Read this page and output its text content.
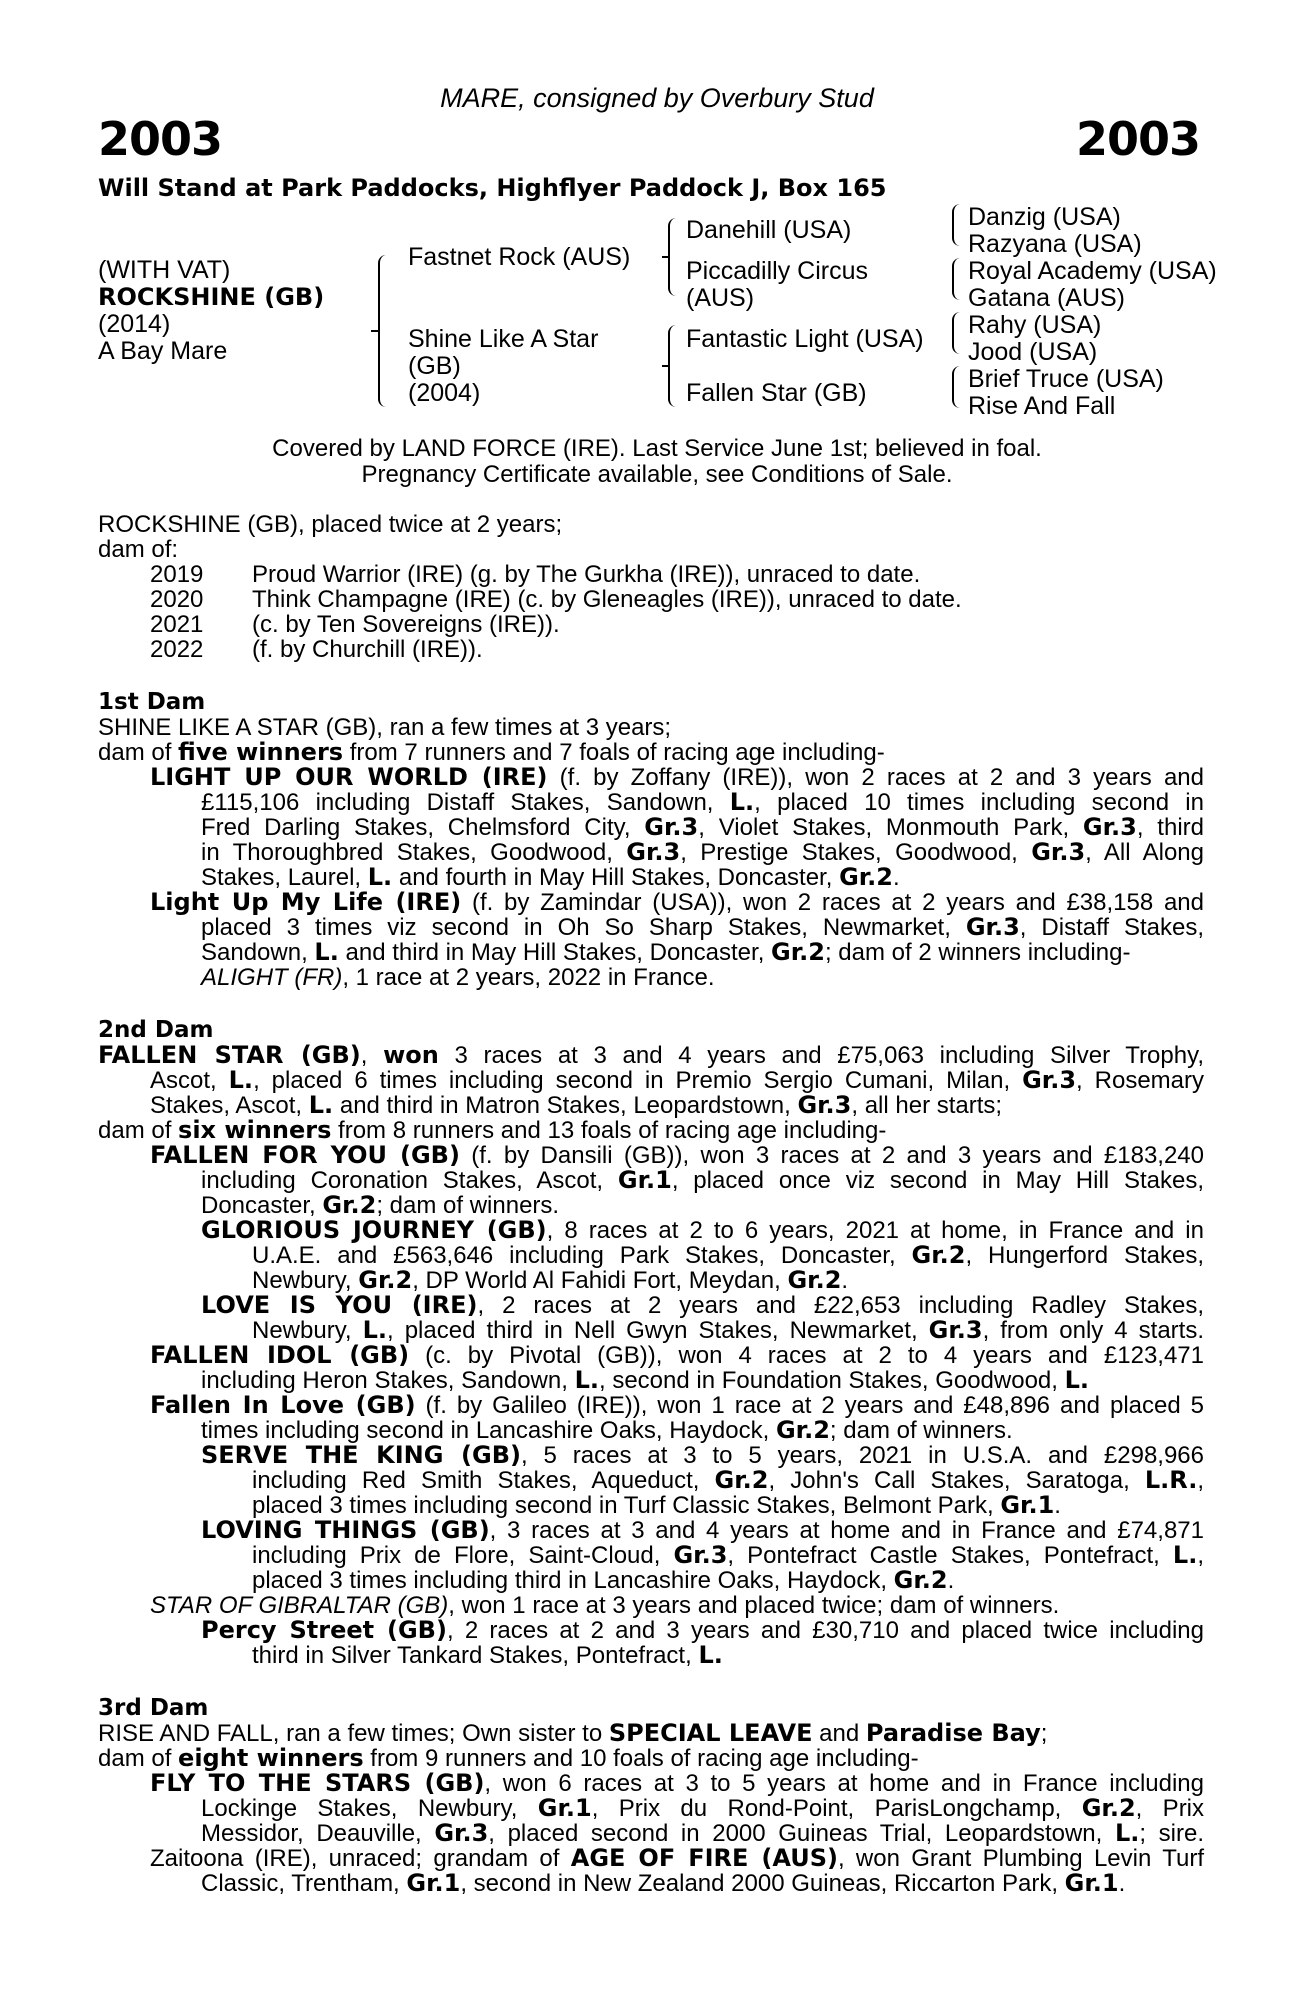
MARE, consigned by Overbury Stud
2003	2003
Will Stand at Park Paddocks, Highflyer Paddock J, Box 165
(WITH VAT)
ROCKSHINE (GB)
(2014)
A Bay Mare
Fastnet Rock (AUS)
Shine Like A Star
(GB)
(2004)
Danehill (USA)
Piccadilly Circus
(AUS)
Fantastic Light (USA)
Fallen Star (GB)
Danzig (USA)
Razyana (USA)
Royal Academy (USA)
Gatana (AUS)
Rahy (USA)
Jood (USA)
Brief Truce (USA)
Rise And Fall
Covered by LAND FORCE (IRE). Last Service June 1st; believed in foal.
Pregnancy Certificate available, see Conditions of Sale.
ROCKSHINE (GB), placed twice at 2 years;
dam of:
2019 Proud Warrior (IRE) (g. by The Gurkha (IRE)), unraced to date.
2020 Think Champagne (IRE) (c. by Gleneagles (IRE)), unraced to date.
2021 (c. by Ten Sovereigns (IRE)).
2022 (f. by Churchill (IRE)).
1st Dam
SHINE LIKE A STAR (GB), ran a few times at 3 years;
dam of five winners from 7 runners and 7 foals of racing age including-
LIGHT UP OUR WORLD (IRE) (f. by Zoffany (IRE)), won 2 races at 2 and 3 years and
£115,106 including Distaff Stakes, Sandown, L., placed 10 times including second in
Fred Darling Stakes, Chelmsford City, Gr.3, Violet Stakes, Monmouth Park, Gr.3, third
in Thoroughbred Stakes, Goodwood, Gr.3, Prestige Stakes, Goodwood, Gr.3, All Along
Stakes, Laurel, L. and fourth in May Hill Stakes, Doncaster, Gr.2.
Light Up My Life (IRE) (f. by Zamindar (USA)), won 2 races at 2 years and £38,158 and
placed 3 times viz second in Oh So Sharp Stakes, Newmarket, Gr.3, Distaff Stakes,
Sandown, L. and third in May Hill Stakes, Doncaster, Gr.2; dam of 2 winners including-
ALIGHT (FR), 1 race at 2 years, 2022 in France.
2nd Dam
FALLEN STAR (GB), won 3 races at 3 and 4 years and £75,063 including Silver Trophy,
Ascot, L., placed 6 times including second in Premio Sergio Cumani, Milan, Gr.3, Rosemary
Stakes, Ascot, L. and third in Matron Stakes, Leopardstown, Gr.3, all her starts;
dam of six winners from 8 runners and 13 foals of racing age including-
FALLEN FOR YOU (GB) (f. by Dansili (GB)), won 3 races at 2 and 3 years and £183,240
including Coronation Stakes, Ascot, Gr.1, placed once viz second in May Hill Stakes,
Doncaster, Gr.2; dam of winners.
GLORIOUS JOURNEY (GB), 8 races at 2 to 6 years, 2021 at home, in France and in
U.A.E. and £563,646 including Park Stakes, Doncaster, Gr.2, Hungerford Stakes,
Newbury, Gr.2, DP World Al Fahidi Fort, Meydan, Gr.2.
LOVE IS YOU (IRE), 2 races at 2 years and £22,653 including Radley Stakes,
Newbury, L., placed third in Nell Gwyn Stakes, Newmarket, Gr.3, from only 4 starts.
FALLEN IDOL (GB) (c. by Pivotal (GB)), won 4 races at 2 to 4 years and £123,471
including Heron Stakes, Sandown, L., second in Foundation Stakes, Goodwood, L.
Fallen In Love (GB) (f. by Galileo (IRE)), won 1 race at 2 years and £48,896 and placed 5
times including second in Lancashire Oaks, Haydock, Gr.2; dam of winners.
SERVE THE KING (GB), 5 races at 3 to 5 years, 2021 in U.S.A. and £298,966
including Red Smith Stakes, Aqueduct, Gr.2, John's Call Stakes, Saratoga, L.R.,
placed 3 times including second in Turf Classic Stakes, Belmont Park, Gr.1.
LOVING THINGS (GB), 3 races at 3 and 4 years at home and in France and £74,871
including Prix de Flore, Saint-Cloud, Gr.3, Pontefract Castle Stakes, Pontefract, L.,
placed 3 times including third in Lancashire Oaks, Haydock, Gr.2.
STAR OF GIBRALTAR (GB), won 1 race at 3 years and placed twice; dam of winners.
Percy Street (GB), 2 races at 2 and 3 years and £30,710 and placed twice including
third in Silver Tankard Stakes, Pontefract, L.
3rd Dam
RISE AND FALL, ran a few times; Own sister to SPECIAL LEAVE and Paradise Bay;
dam of eight winners from 9 runners and 10 foals of racing age including-
FLY TO THE STARS (GB), won 6 races at 3 to 5 years at home and in France including
Lockinge Stakes, Newbury, Gr.1, Prix du Rond-Point, ParisLongchamp, Gr.2, Prix
Messidor, Deauville, Gr.3, placed second in 2000 Guineas Trial, Leopardstown, L.; sire.
Zaitoona (IRE), unraced; grandam of AGE OF FIRE (AUS), won Grant Plumbing Levin Turf
Classic, Trentham, Gr.1, second in New Zealand 2000 Guineas, Riccarton Park, Gr.1.
